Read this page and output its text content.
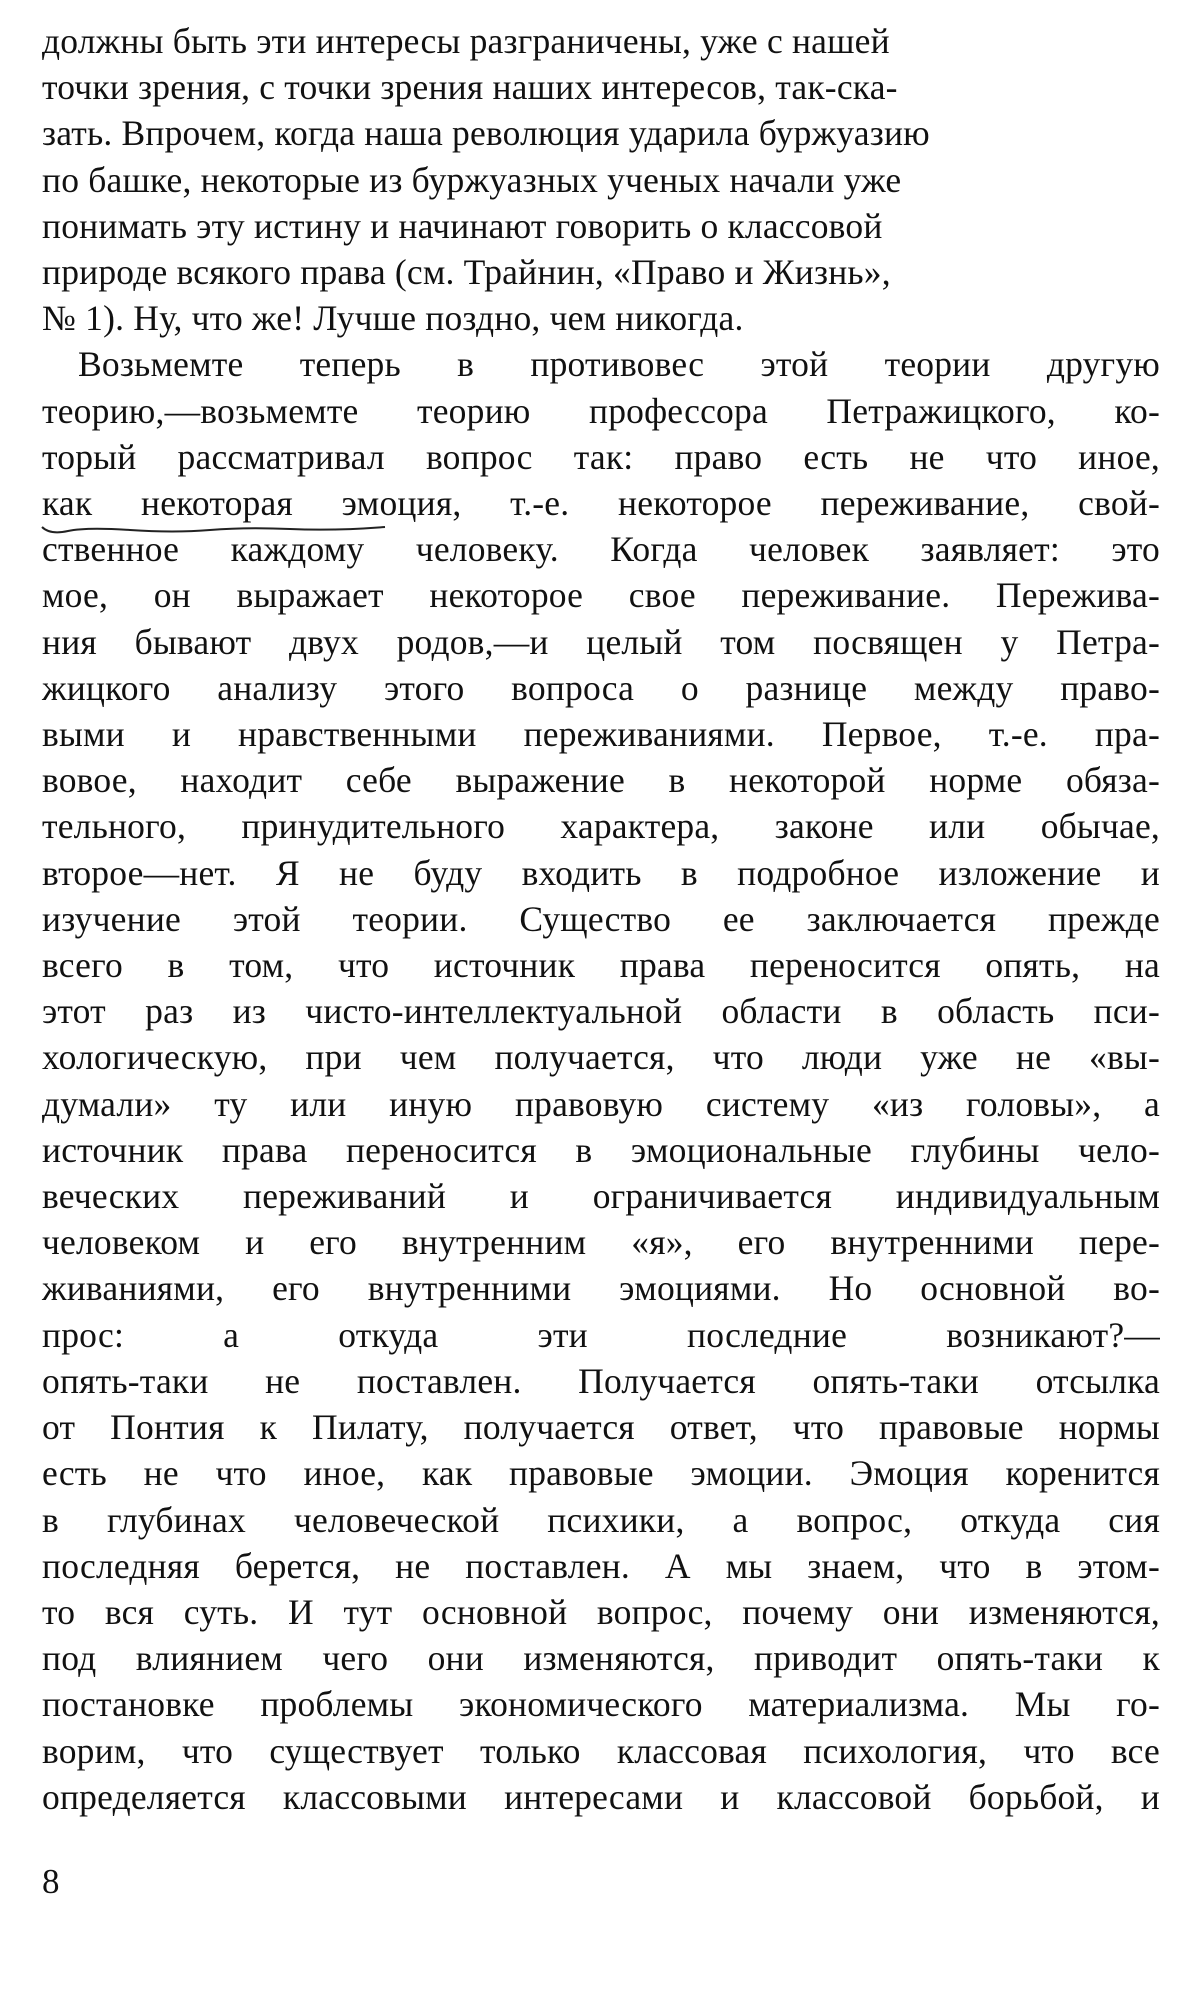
должны быть эти интересы разграничены, уже с нашей
точки зрения, с точки зрения наших интересов, так-ска-
зать. Впрочем, когда наша революция ударила буржуазию
по башке, некоторые из буржуазных ученых начали уже
понимать эту истину и начинают говорить о классовой
природе всякого права (см. Трайнин, «Право и Жизнь»,
№ 1). Ну, что же! Лучше поздно, чем никогда.

Возьмемте теперь в противовес этой теории другую
теорию,—возьмемте теорию профессора Петражицкого, ко-
торый рассматривал вопрос так: право есть не что иное,
как некоторая эмоция, т.-е. некоторое переживание, свой-
ственное каждому человеку. Когда человек заявляет: это
мое, он выражает некоторое свое переживание. Пережива-
ния бывают двух родов,—и целый том посвящен у Петра-
жицкого анализу этого вопроса о разнице между право-
выми и нравственными переживаниями. Первое, т.-е. пра-
вовое, находит себе выражение в некоторой норме обяза-
тельного, принудительного характера, законе или обычае,
второе—нет. Я не буду входить в подробное изложение и
изучение этой теории. Существо ее заключается прежде
всего в том, что источник права переносится опять, на
этот раз из чисто-интеллектуальной области в область пси-
хологическую, при чем получается, что люди уже не «вы-
думали» ту или иную правовую систему «из головы», а
источник права переносится в эмоциональные глубины чело-
веческих переживаний и ограничивается индивидуальным
человеком и его внутренним «я», его внутренними пере-
живаниями, его внутренними эмоциями. Но основной во-
прос: а откуда эти последние возникают?—
опять-таки не поставлен. Получается опять-таки отсылка
от Понтия к Пилату, получается ответ, что правовые нормы
есть не что иное, как правовые эмоции. Эмоция коренится
в глубинах человеческой психики, а вопрос, откуда сия
последняя берется, не поставлен. А мы знаем, что в этом-
то вся суть. И тут основной вопрос, почему они изменяются,
под влиянием чего они изменяются, приводит опять-таки к
постановке проблемы экономического материализма. Мы го-
ворим, что существует только классовая психология, что все
определяется классовыми интересами и классовой борьбой, и

8
